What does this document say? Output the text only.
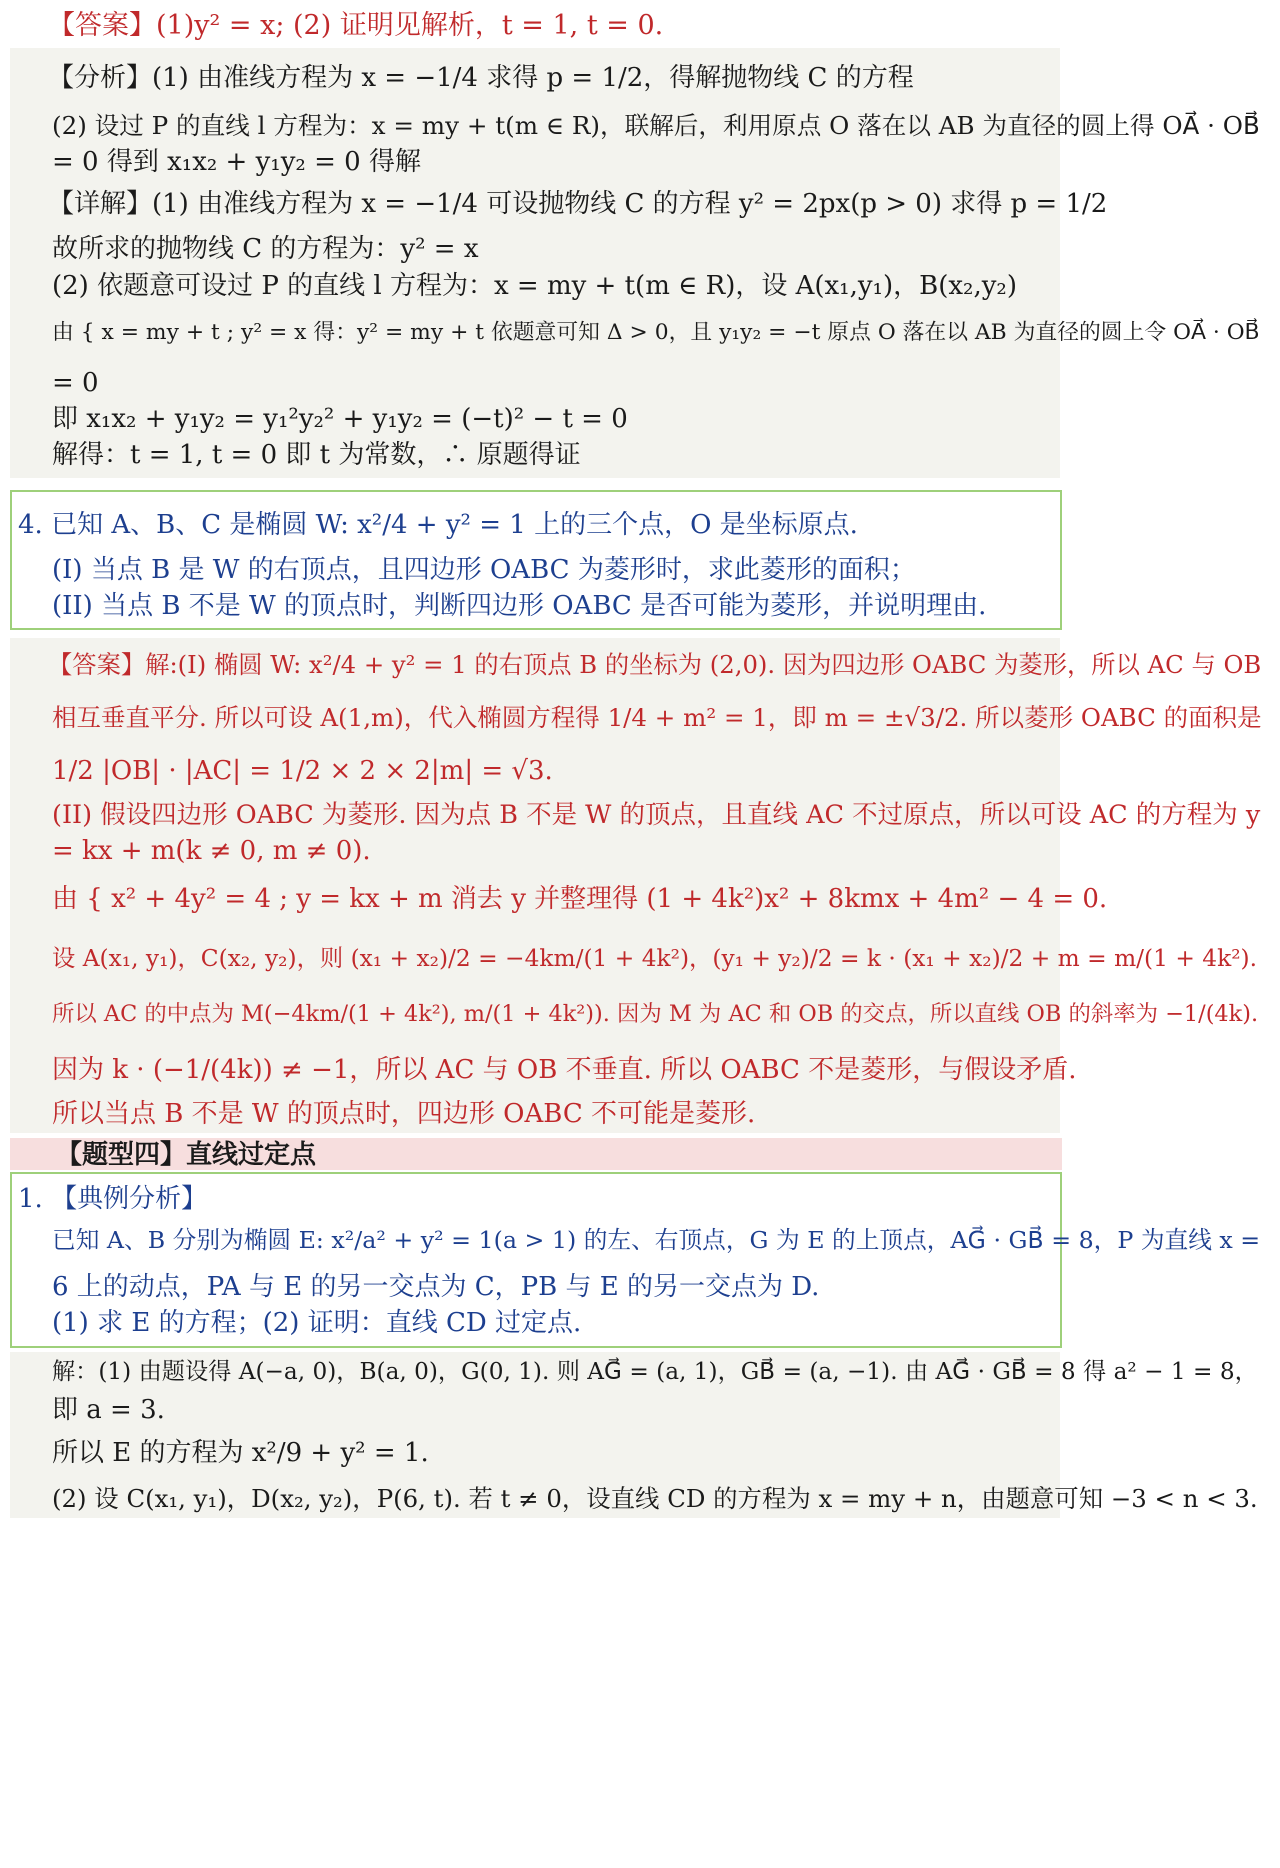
【答案】(1)y² = x; (2) 证明见解析，t = 1, t = 0.
【分析】(1) 由准线方程为 x = −1/4 求得 p = 1/2，得解抛物线 C 的方程
(2) 设过 P 的直线 l 方程为：x = my + t(m ∈ R)，联解后，利用原点 O 落在以 AB 为直径的圆上得 OA⃗ · OB⃗
= 0 得到 x₁x₂ + y₁y₂ = 0 得解
【详解】(1) 由准线方程为 x = −1/4 可设抛物线 C 的方程 y² = 2px(p > 0) 求得 p = 1/2
故所求的抛物线 C 的方程为：y² = x
(2) 依题意可设过 P 的直线 l 方程为：x = my + t(m ∈ R)，设 A(x₁,y₁)，B(x₂,y₂)
由 { x = my + t ; y² = x 得：y² = my + t 依题意可知 Δ > 0，且 y₁y₂ = −t 原点 O 落在以 AB 为直径的圆上令 OA⃗ · OB⃗
= 0
即 x₁x₂ + y₁y₂ = y₁²y₂² + y₁y₂ = (−t)² − t = 0
解得：t = 1, t = 0 即 t 为常数，∴ 原题得证
4. 已知 A、B、C 是椭圆 W: x²/4 + y² = 1 上的三个点，O 是坐标原点.
(I) 当点 B 是 W 的右顶点，且四边形 OABC 为菱形时，求此菱形的面积；
(II) 当点 B 不是 W 的顶点时，判断四边形 OABC 是否可能为菱形，并说明理由.
【答案】解:(I) 椭圆 W: x²/4 + y² = 1 的右顶点 B 的坐标为 (2,0). 因为四边形 OABC 为菱形，所以 AC 与 OB
相互垂直平分. 所以可设 A(1,m)，代入椭圆方程得 1/4 + m² = 1，即 m = ±√3/2. 所以菱形 OABC 的面积是
1/2 |OB| · |AC| = 1/2 × 2 × 2|m| = √3.
(II) 假设四边形 OABC 为菱形. 因为点 B 不是 W 的顶点，且直线 AC 不过原点，所以可设 AC 的方程为 y
= kx + m(k ≠ 0, m ≠ 0).
由 { x² + 4y² = 4 ; y = kx + m 消去 y 并整理得 (1 + 4k²)x² + 8kmx + 4m² − 4 = 0.
设 A(x₁, y₁)，C(x₂, y₂)，则 (x₁ + x₂)/2 = −4km/(1 + 4k²)，(y₁ + y₂)/2 = k · (x₁ + x₂)/2 + m = m/(1 + 4k²).
所以 AC 的中点为 M(−4km/(1 + 4k²), m/(1 + 4k²)). 因为 M 为 AC 和 OB 的交点，所以直线 OB 的斜率为 −1/(4k).
因为 k · (−1/(4k)) ≠ −1，所以 AC 与 OB 不垂直. 所以 OABC 不是菱形，与假设矛盾.
所以当点 B 不是 W 的顶点时，四边形 OABC 不可能是菱形.
【题型四】直线过定点
1. 【典例分析】
已知 A、B 分别为椭圆 E: x²/a² + y² = 1(a > 1) 的左、右顶点，G 为 E 的上顶点，AG⃗ · GB⃗ = 8，P 为直线 x =
6 上的动点，PA 与 E 的另一交点为 C，PB 与 E 的另一交点为 D.
(1) 求 E 的方程；(2) 证明：直线 CD 过定点.
解：(1) 由题设得 A(−a, 0)，B(a, 0)，G(0, 1). 则 AG⃗ = (a, 1)，GB⃗ = (a, −1). 由 AG⃗ · GB⃗ = 8 得 a² − 1 = 8，
即 a = 3.
所以 E 的方程为 x²/9 + y² = 1.
(2) 设 C(x₁, y₁)，D(x₂, y₂)，P(6, t). 若 t ≠ 0，设直线 CD 的方程为 x = my + n，由题意可知 −3 < n < 3.
